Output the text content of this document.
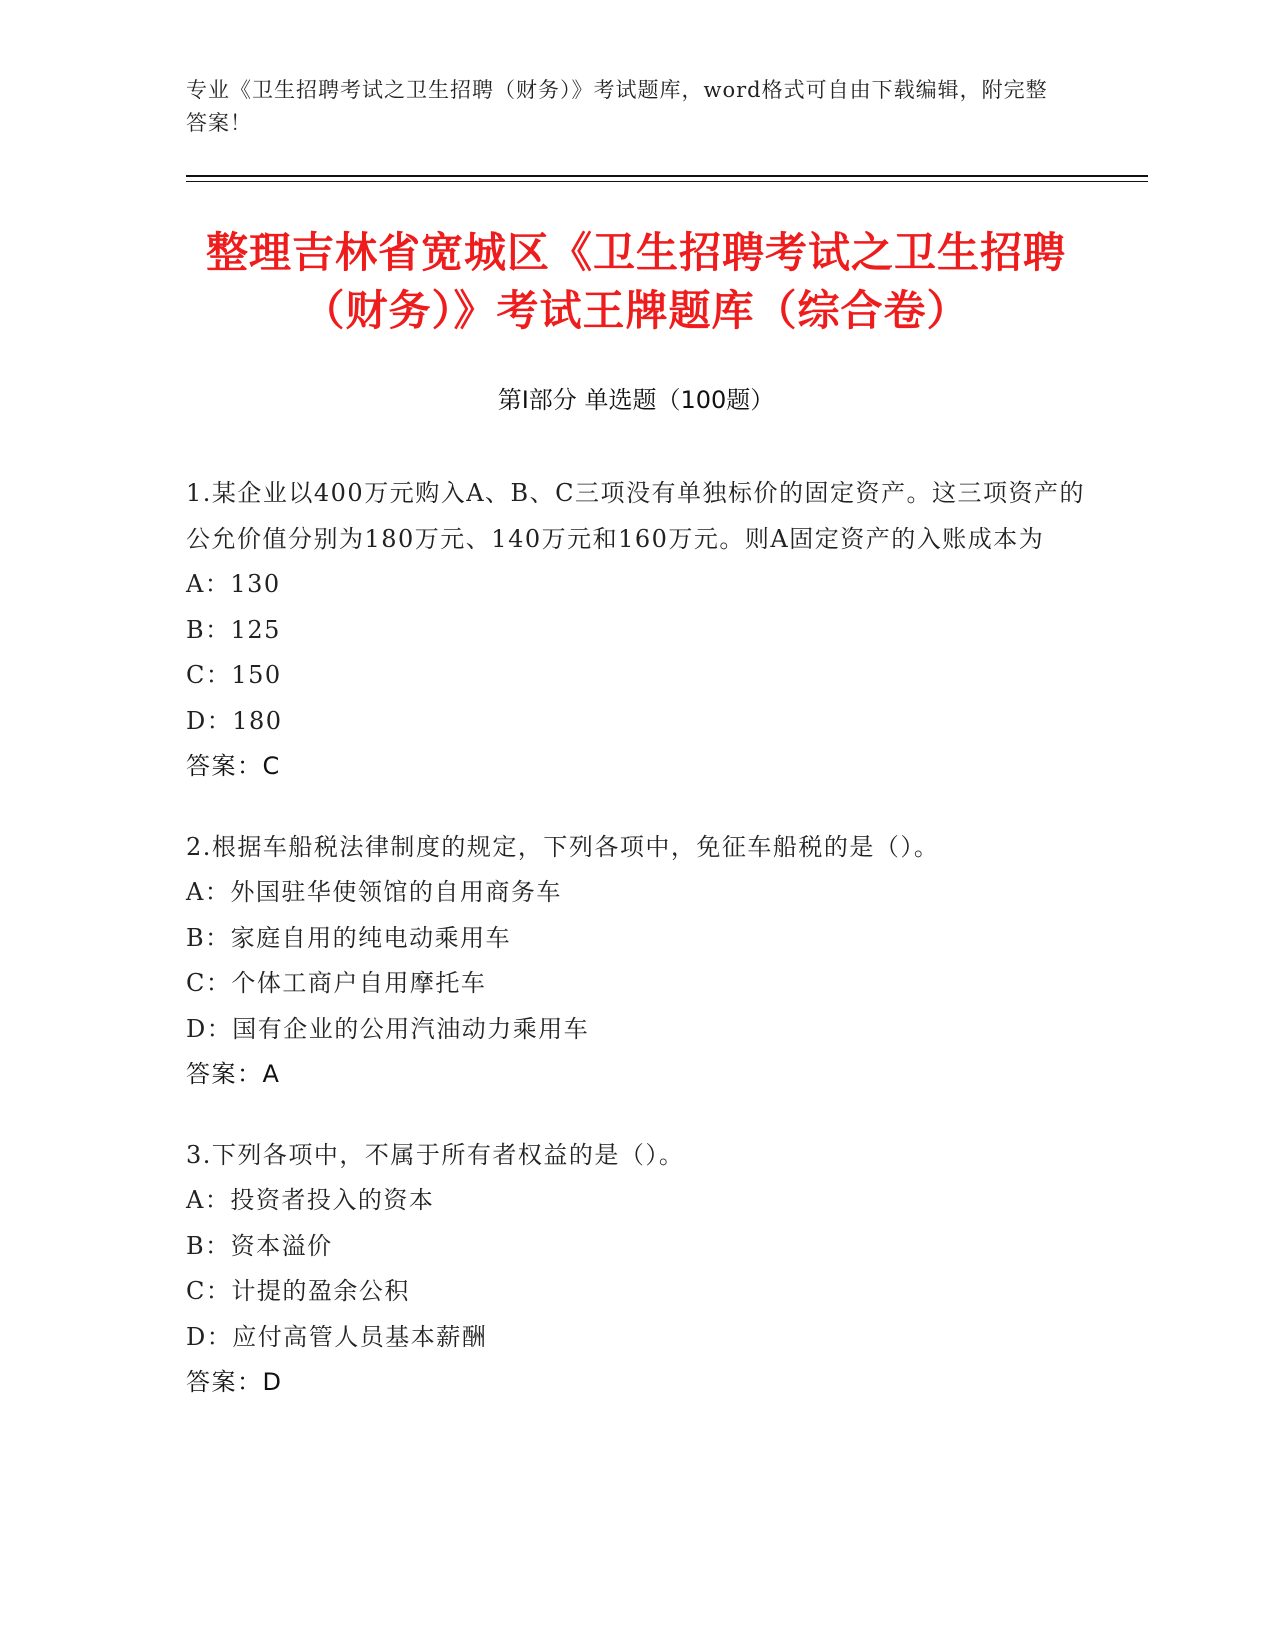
专业《卫生招聘考试之卫生招聘（财务）》考试题库，word格式可自由下载编辑，附完整答案！
整理吉林省宽城区《卫生招聘考试之卫生招聘（财务）》考试王牌题库（综合卷）
第Ⅰ部分 单选题（100题）
1.某企业以400万元购入A、B、C三项没有单独标价的固定资产。这三项资产的公允价值分别为180万元、140万元和160万元。则A固定资产的入账成本为
A：130
B：125
C：150
D：180
答案：C
2.根据车船税法律制度的规定，下列各项中，免征车船税的是（）。
A：外国驻华使领馆的自用商务车
B：家庭自用的纯电动乘用车
C：个体工商户自用摩托车
D：国有企业的公用汽油动力乘用车
答案：A
3.下列各项中，不属于所有者权益的是（）。
A：投资者投入的资本
B：资本溢价
C：计提的盈余公积
D：应付高管人员基本薪酬
答案：D
